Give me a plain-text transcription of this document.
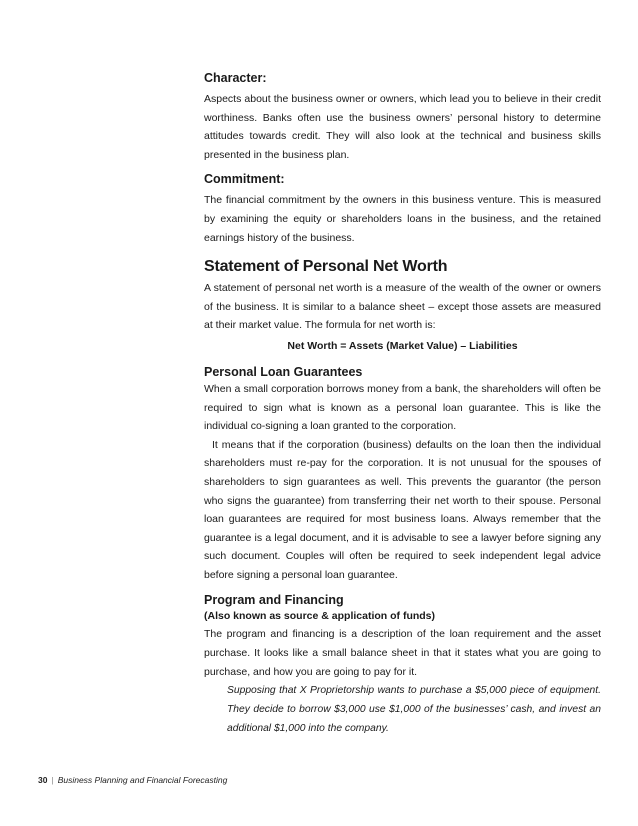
Character:

Aspects about the business owner or owners, which lead you to believe in their credit worthiness. Banks often use the business owners’ personal history to determine attitudes towards credit. They will also look at the technical and business skills presented in the business plan.

Commitment:

The financial commitment by the owners in this business venture. This is measured by examining the equity or shareholders loans in the business, and the retained earnings history of the business.

Statement of Personal Net Worth

A statement of personal net worth is a measure of the wealth of the owner or owners of the business. It is similar to a balance sheet – except those assets are measured at their market value. The formula for net worth is:

Net Worth = Assets (Market Value) – Liabilities
Personal Loan Guarantees

When a small corporation borrows money from a bank, the shareholders will often be required to sign what is known as a personal loan guarantee. This is like the individual co-signing a loan granted to the corporation.

It means that if the corporation (business) defaults on the loan then the individual shareholders must re-pay for the corporation. It is not unusual for the spouses of shareholders to sign guarantees as well. This prevents the guarantor (the person who signs the guarantee) from transferring their net worth to their spouse. Personal loan guarantees are required for most business loans. Always remember that the guarantee is a legal document, and it is advisable to see a lawyer before signing any such document. Couples will often be required to seek independent legal advice before signing a personal loan guarantee.

Program and Financing
(Also known as source & application of funds)

The program and financing is a description of the loan requirement and the asset purchase. It looks like a small balance sheet in that it states what you are going to purchase, and how you are going to pay for it.

Supposing that X Proprietorship wants to purchase a $5,000 piece of equipment. They decide to borrow $3,000 use $1,000 of the businesses’ cash, and invest an additional $1,000 into the company.

30 | Business Planning and Financial Forecasting
